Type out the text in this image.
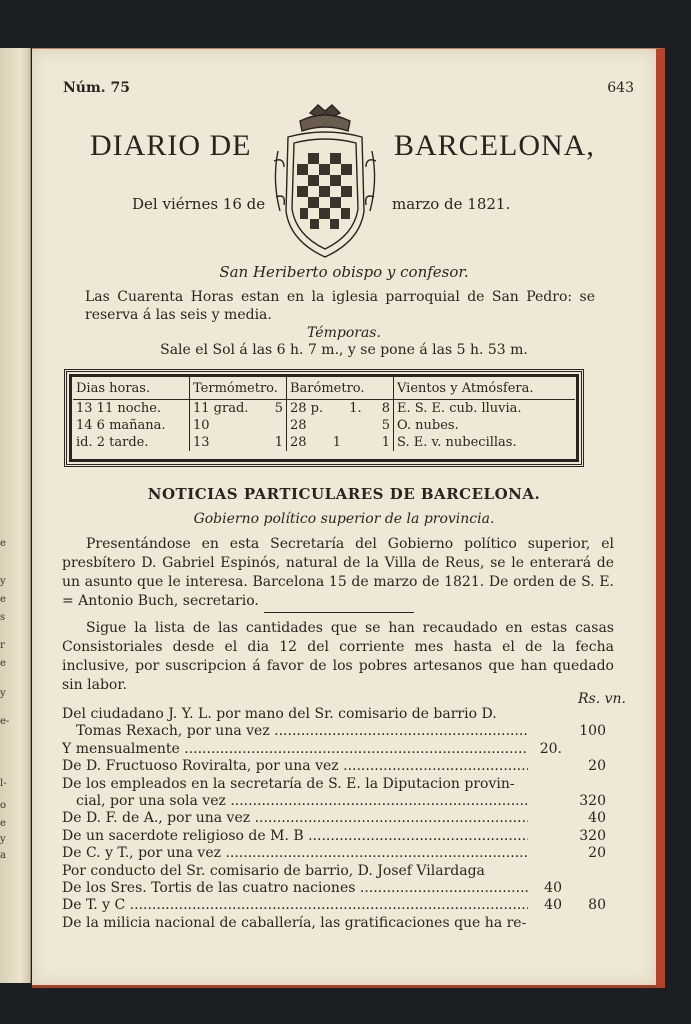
e
y
e
s
r
e
y
e-
l-
o
e
y
a
Núm. 75	643
DIARIO DE	BARCELONA,
Del viérnes 16 de	marzo de 1821.
San Heriberto obispo y confesor.
Las Cuarenta Horas estan en la iglesia parroquial de San Pedro: se reserva á las seis y media.
Témporas.
Sale el Sol á las 6 h. 7 m., y se pone á las 5 h. 53 m.
Dias horas.	Termómetro.	Barómetro.	Vientos y Atmósfera.
13 11 noche.	11 grad. 5	28 p. 1. 8	E. S. E. cub. lluvia.
14 6 mañana.	10	28 5	O. nubes.
id. 2 tarde.	13 1	28 1 1	S. E. v. nubecillas.
NOTICIAS PARTICULARES DE BARCELONA.
Gobierno político superior de la provincia.
Presentándose en esta Secretaría del Gobierno político superior, el presbítero D. Gabriel Espinós, natural de la Villa de Reus, se le enterará de un asunto que le interesa. Barcelona 15 de marzo de 1821. De orden de S. E. = Antonio Buch, secretario.
Sigue la lista de las cantidades que se han recaudado en estas casas Consistoriales desde el dia 12 del corriente mes hasta el de la fecha inclusive, por suscripcion á favor de los pobres artesanos que han quedado sin labor.
Rs. vn.
Del ciudadano J. Y. L. por mano del Sr. comisario de barrio D.
Tomas Rexach, por una vez .....	100
Y mensualmente .....	20.
De D. Fructuoso Roviralta, por una vez .....	20
De los empleados en la secretaría de S. E. la Diputacion provin-
cial, por una sola vez .....	320
De D. F. de A., por una vez .....	40
De un sacerdote religioso de M. B .....	320
De C. y T., por una vez .....	20
Por conducto del Sr. comisario de barrio, D. Josef Vilardaga
De los Sres. Tortis de las cuatro naciones .....	40
De T. y C .....	40	80
De la milicia nacional de caballería, las gratificaciones que ha re-
